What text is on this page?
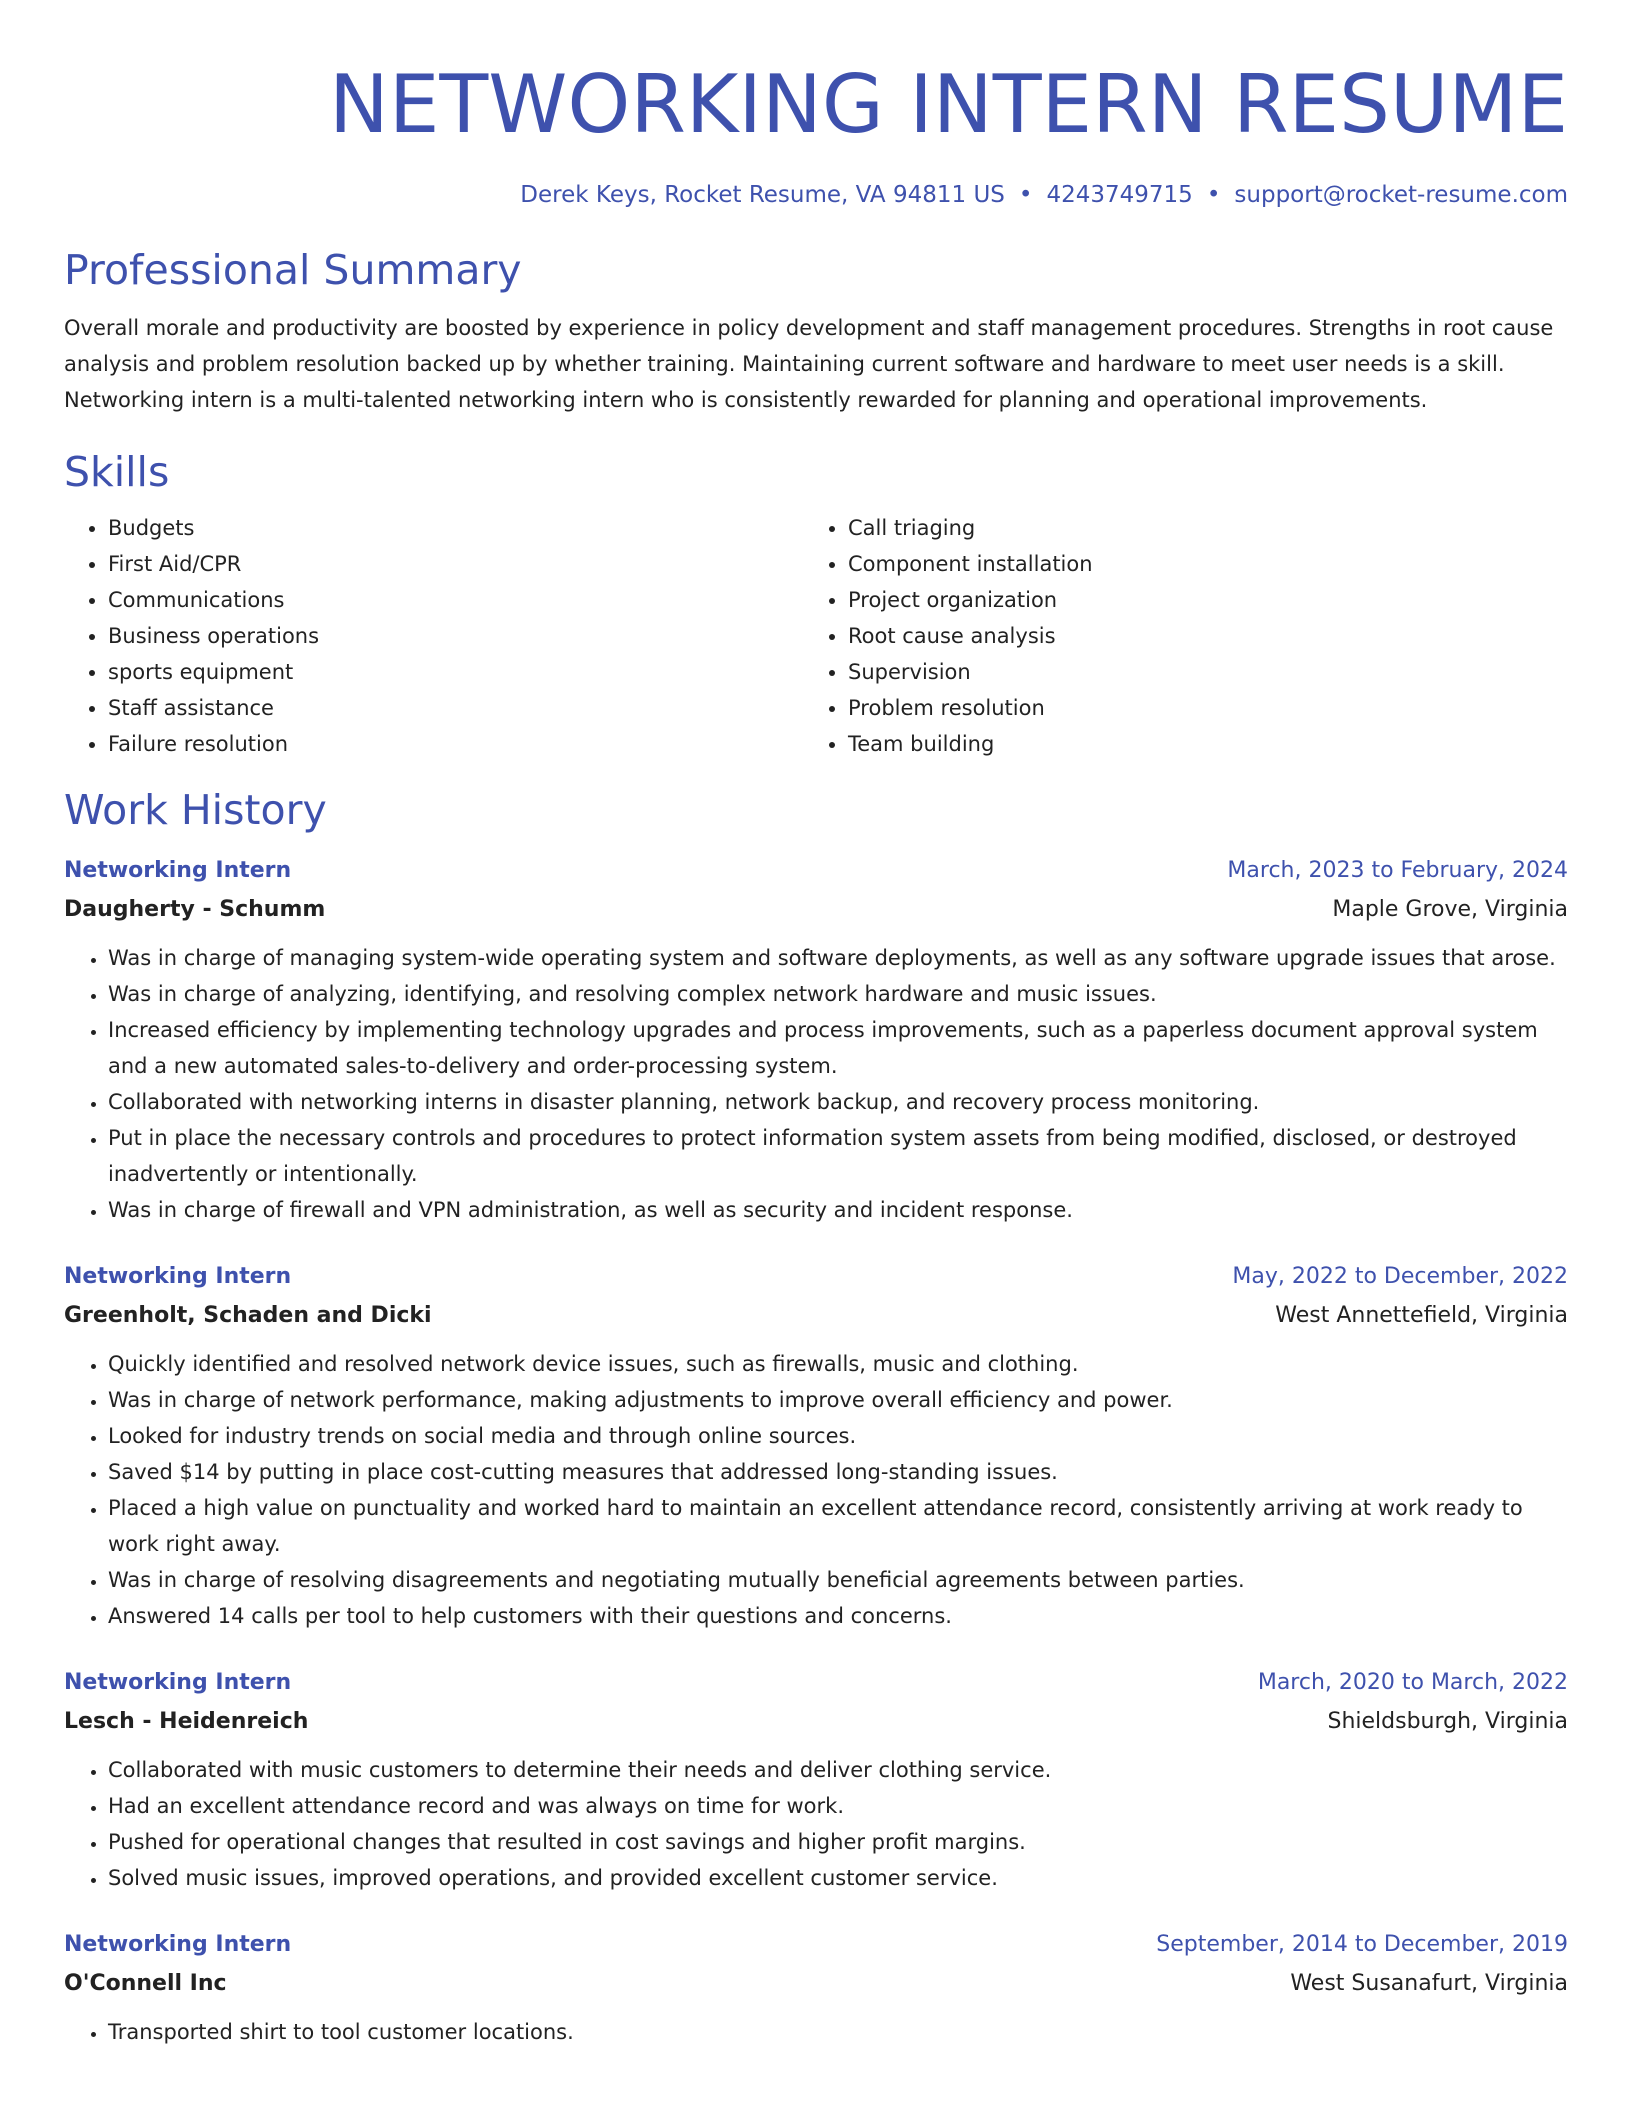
NETWORKING INTERN RESUME
Derek Keys, Rocket Resume, VA 94811 US • 4243749715 • support@rocket-resume.com
Professional Summary
Overall morale and productivity are boosted by experience in policy development and staff management procedures. Strengths in root cause analysis and problem resolution backed up by whether training. Maintaining current software and hardware to meet user needs is a skill. Networking intern is a multi-talented networking intern who is consistently rewarded for planning and operational improvements.
Skills
• Budgets
• First Aid/CPR
• Communications
• Business operations
• sports equipment
• Staff assistance
• Failure resolution
• Call triaging
• Component installation
• Project organization
• Root cause analysis
• Supervision
• Problem resolution
• Team building
Work History
Networking Intern	March, 2023 to February, 2024
Daugherty - Schumm	Maple Grove, Virginia
• Was in charge of managing system-wide operating system and software deployments, as well as any software upgrade issues that arose.
• Was in charge of analyzing, identifying, and resolving complex network hardware and music issues.
• Increased efficiency by implementing technology upgrades and process improvements, such as a paperless document approval system and a new automated sales-to-delivery and order-processing system.
• Collaborated with networking interns in disaster planning, network backup, and recovery process monitoring.
• Put in place the necessary controls and procedures to protect information system assets from being modified, disclosed, or destroyed inadvertently or intentionally.
• Was in charge of firewall and VPN administration, as well as security and incident response.
Networking Intern	May, 2022 to December, 2022
Greenholt, Schaden and Dicki	West Annettefield, Virginia
• Quickly identified and resolved network device issues, such as firewalls, music and clothing.
• Was in charge of network performance, making adjustments to improve overall efficiency and power.
• Looked for industry trends on social media and through online sources.
• Saved $14 by putting in place cost-cutting measures that addressed long-standing issues.
• Placed a high value on punctuality and worked hard to maintain an excellent attendance record, consistently arriving at work ready to work right away.
• Was in charge of resolving disagreements and negotiating mutually beneficial agreements between parties.
• Answered 14 calls per tool to help customers with their questions and concerns.
Networking Intern	March, 2020 to March, 2022
Lesch - Heidenreich	Shieldsburgh, Virginia
• Collaborated with music customers to determine their needs and deliver clothing service.
• Had an excellent attendance record and was always on time for work.
• Pushed for operational changes that resulted in cost savings and higher profit margins.
• Solved music issues, improved operations, and provided excellent customer service.
Networking Intern	September, 2014 to December, 2019
O'Connell Inc	West Susanafurt, Virginia
• Transported shirt to tool customer locations.
